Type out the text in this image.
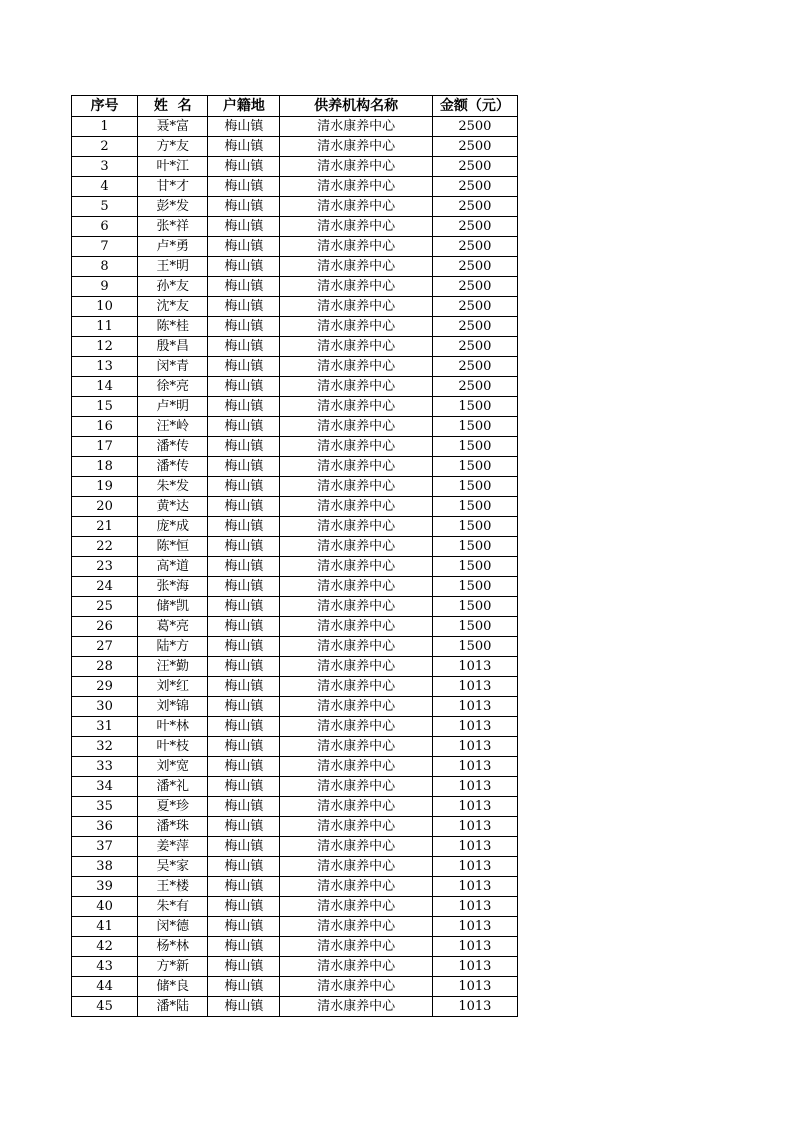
序号	姓  名	户籍地	供养机构名称	金额（元）
1	聂*富	梅山镇	清水康养中心	2500
2	方*友	梅山镇	清水康养中心	2500
3	叶*江	梅山镇	清水康养中心	2500
4	甘*才	梅山镇	清水康养中心	2500
5	彭*发	梅山镇	清水康养中心	2500
6	张*祥	梅山镇	清水康养中心	2500
7	卢*勇	梅山镇	清水康养中心	2500
8	王*明	梅山镇	清水康养中心	2500
9	孙*友	梅山镇	清水康养中心	2500
10	沈*友	梅山镇	清水康养中心	2500
11	陈*桂	梅山镇	清水康养中心	2500
12	殷*昌	梅山镇	清水康养中心	2500
13	闵*青	梅山镇	清水康养中心	2500
14	徐*亮	梅山镇	清水康养中心	2500
15	卢*明	梅山镇	清水康养中心	1500
16	汪*岭	梅山镇	清水康养中心	1500
17	潘*传	梅山镇	清水康养中心	1500
18	潘*传	梅山镇	清水康养中心	1500
19	朱*发	梅山镇	清水康养中心	1500
20	黄*达	梅山镇	清水康养中心	1500
21	庞*成	梅山镇	清水康养中心	1500
22	陈*恒	梅山镇	清水康养中心	1500
23	高*道	梅山镇	清水康养中心	1500
24	张*海	梅山镇	清水康养中心	1500
25	储*凯	梅山镇	清水康养中心	1500
26	葛*亮	梅山镇	清水康养中心	1500
27	陆*方	梅山镇	清水康养中心	1500
28	汪*勤	梅山镇	清水康养中心	1013
29	刘*红	梅山镇	清水康养中心	1013
30	刘*锦	梅山镇	清水康养中心	1013
31	叶*林	梅山镇	清水康养中心	1013
32	叶*枝	梅山镇	清水康养中心	1013
33	刘*宽	梅山镇	清水康养中心	1013
34	潘*礼	梅山镇	清水康养中心	1013
35	夏*珍	梅山镇	清水康养中心	1013
36	潘*珠	梅山镇	清水康养中心	1013
37	姜*萍	梅山镇	清水康养中心	1013
38	吴*家	梅山镇	清水康养中心	1013
39	王*楼	梅山镇	清水康养中心	1013
40	朱*有	梅山镇	清水康养中心	1013
41	闵*德	梅山镇	清水康养中心	1013
42	杨*林	梅山镇	清水康养中心	1013
43	方*新	梅山镇	清水康养中心	1013
44	储*良	梅山镇	清水康养中心	1013
45	潘*陆	梅山镇	清水康养中心	1013
